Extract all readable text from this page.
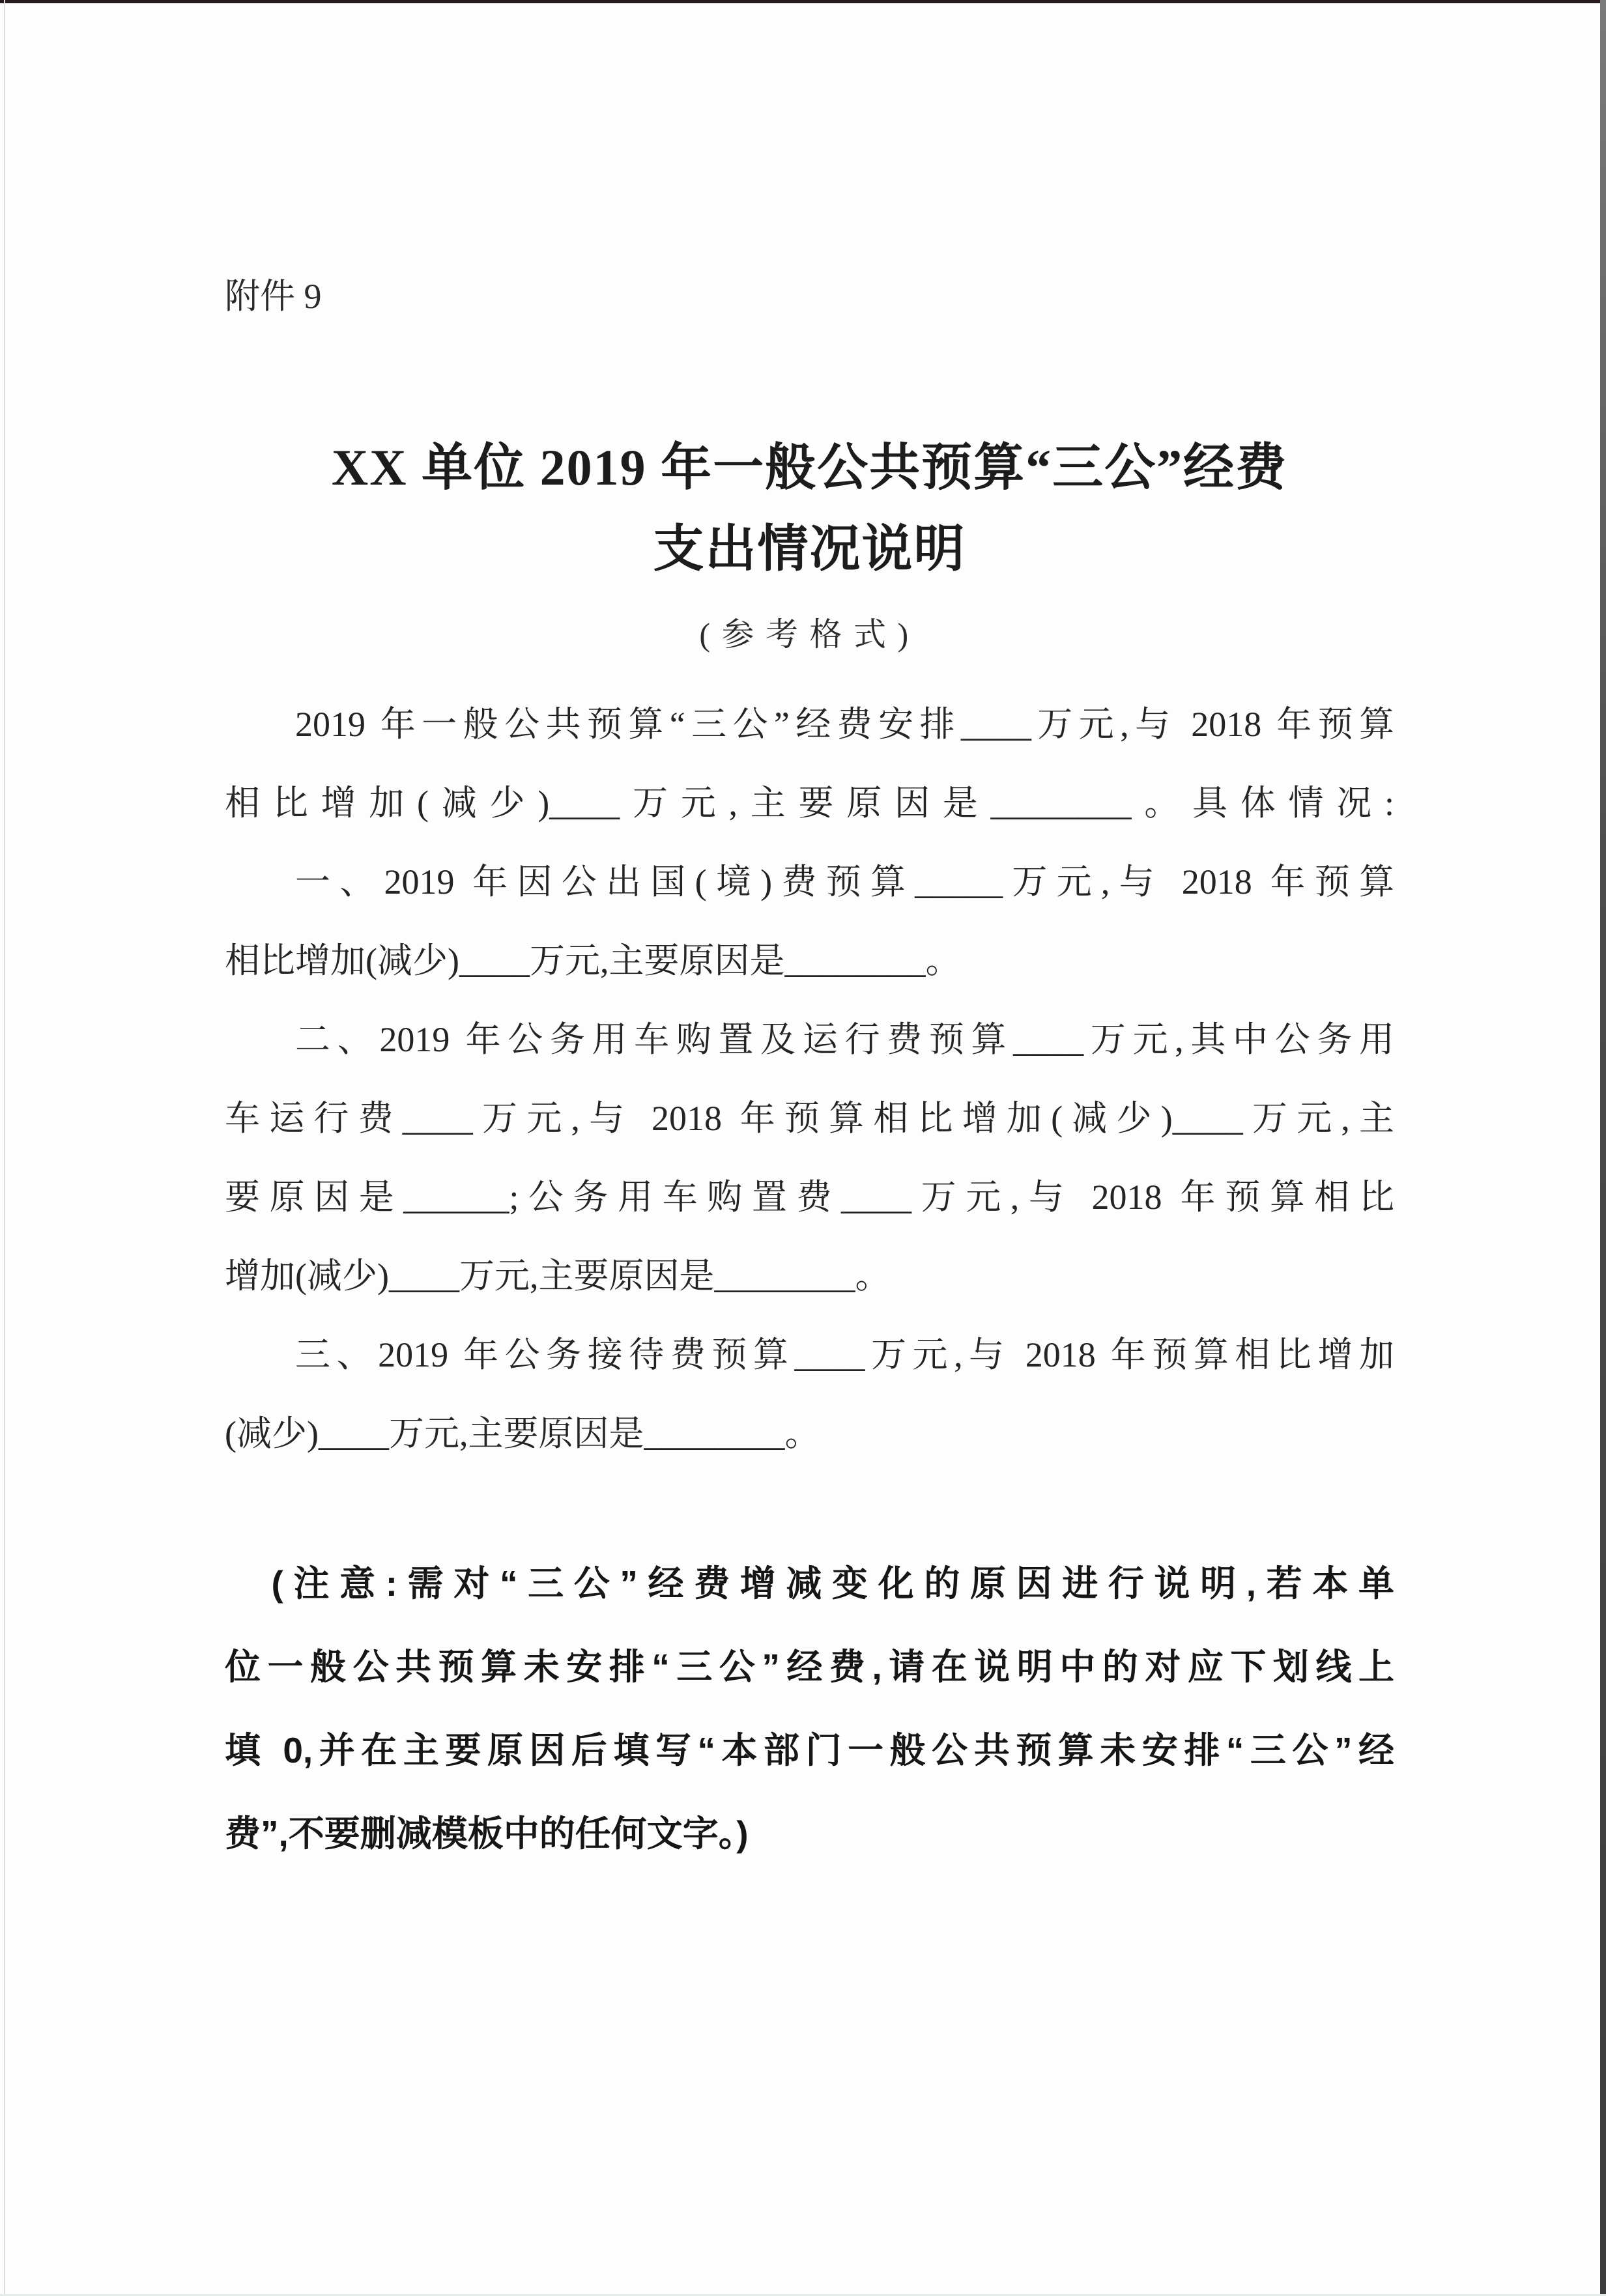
附件 9
XX 单位 2019 年一般公共预算“三公”经费
支出情况说明
(参考格式)
2019 年一般公共预算“三公”经费安排____万元,与 2018 年预算
相比增加(减少)____万元,主要原因是________。具体情况:
一、2019 年因公出国(境)费预算_____万元,与 2018 年预算
相比增加(减少)____万元,主要原因是________。
二、2019 年公务用车购置及运行费预算____万元,其中公务用
车运行费____万元,与 2018 年预算相比增加(减少)____万元,主
要原因是______;公务用车购置费____万元,与 2018 年预算相比
增加(减少)____万元,主要原因是________。
三、2019 年公务接待费预算____万元,与 2018 年预算相比增加
(减少)____万元,主要原因是________。
(注意:需对“三公”经费增减变化的原因进行说明,若本单
位一般公共预算未安排“三公”经费,请在说明中的对应下划线上
填 0,并在主要原因后填写“本部门一般公共预算未安排“三公”经
费”,不要删减模板中的任何文字。)
